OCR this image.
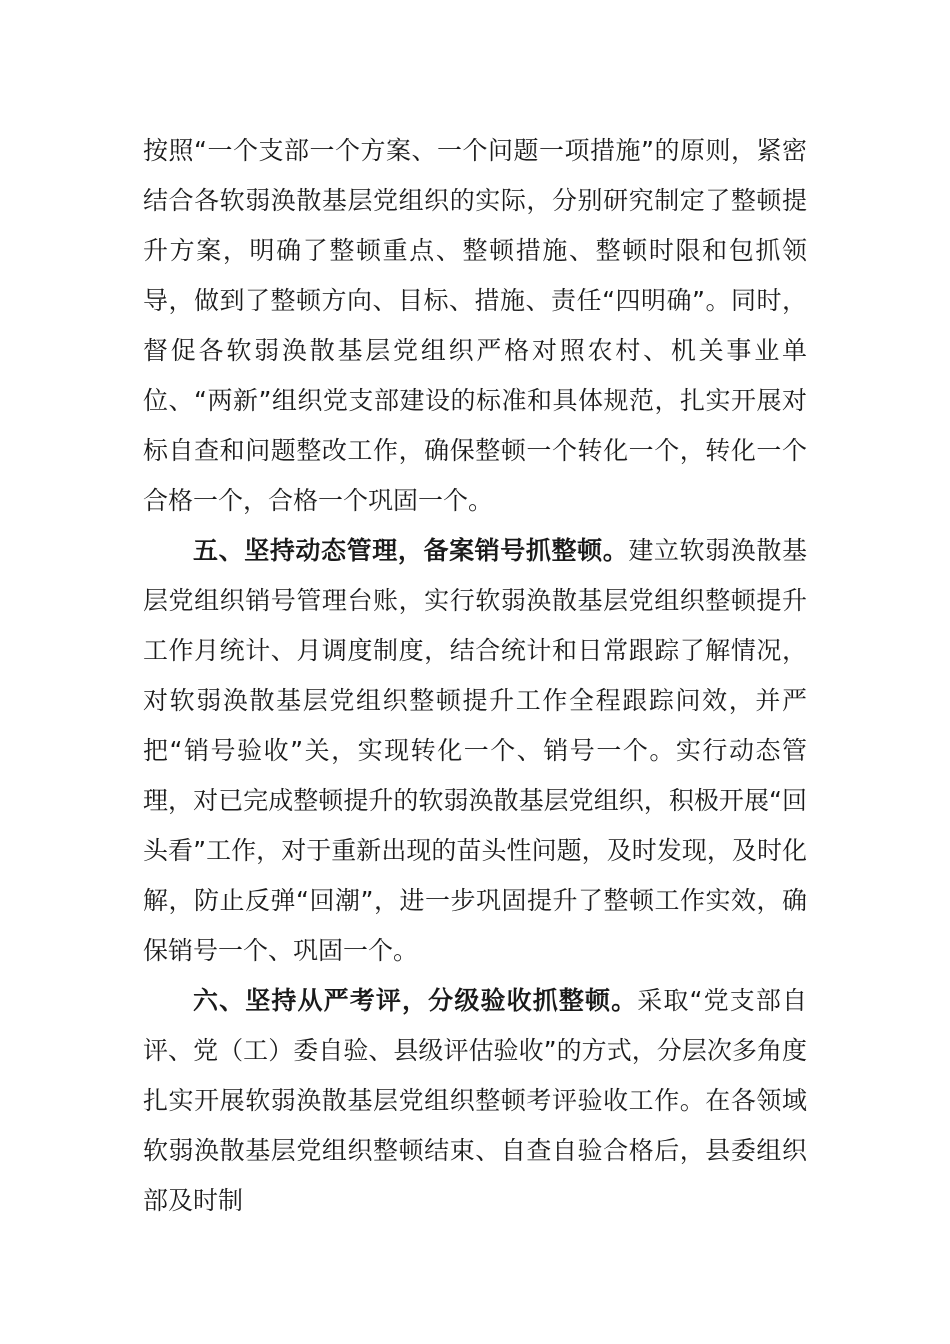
按照“一个支部一个方案、一个问题一项措施”的原则，紧密结合各软弱涣散基层党组织的实际，分别研究制定了整顿提升方案，明确了整顿重点、整顿措施、整顿时限和包抓领导，做到了整顿方向、目标、措施、责任“四明确”。同时，督促各软弱涣散基层党组织严格对照农村、机关事业单位、“两新”组织党支部建设的标准和具体规范，扎实开展对标自查和问题整改工作，确保整顿一个转化一个，转化一个合格一个，合格一个巩固一个。

五、坚持动态管理，备案销号抓整顿。建立软弱涣散基层党组织销号管理台账，实行软弱涣散基层党组织整顿提升工作月统计、月调度制度，结合统计和日常跟踪了解情况，对软弱涣散基层党组织整顿提升工作全程跟踪问效，并严把“销号验收”关，实现转化一个、销号一个。实行动态管理，对已完成整顿提升的软弱涣散基层党组织，积极开展“回头看”工作，对于重新出现的苗头性问题，及时发现，及时化解，防止反弹“回潮”，进一步巩固提升了整顿工作实效，确保销号一个、巩固一个。

六、坚持从严考评，分级验收抓整顿。采取“党支部自评、党（工）委自验、县级评估验收”的方式，分层次多角度扎实开展软弱涣散基层党组织整顿考评验收工作。在各领域软弱涣散基层党组织整顿结束、自查自验合格后，县委组织部及时制
